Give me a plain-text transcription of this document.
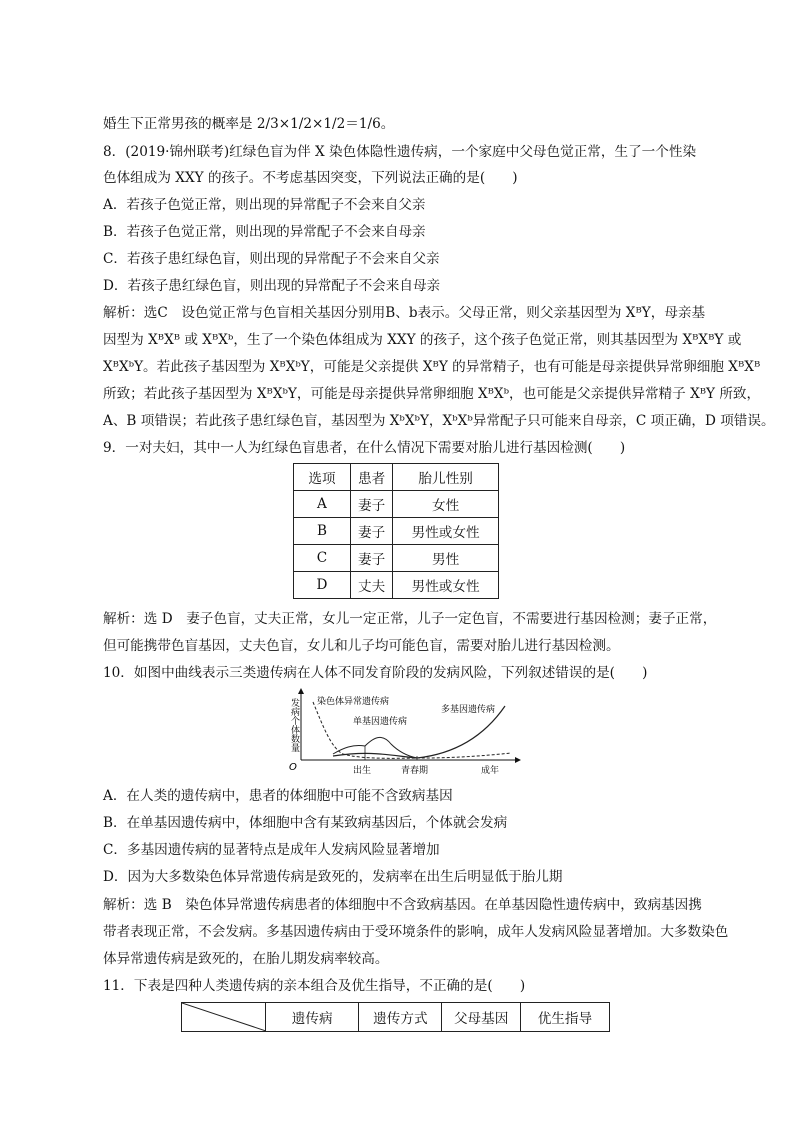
婚生下正常男孩的概率是 2/3×1/2×1/2＝1/6。
8．(2019·锦州联考)红绿色盲为伴 X 染色体隐性遗传病，一个家庭中父母色觉正常，生了一个性染
色体组成为 XXY 的孩子。不考虑基因突变，下列说法正确的是(　　)
A．若孩子色觉正常，则出现的异常配子不会来自父亲
B．若孩子色觉正常，则出现的异常配子不会来自母亲
C．若孩子患红绿色盲，则出现的异常配子不会来自父亲
D．若孩子患红绿色盲，则出现的异常配子不会来自母亲
解析：选C　设色觉正常与色盲相关基因分别用B、b表示。父母正常，则父亲基因型为 XᴮY，母亲基
因型为 XᴮXᴮ 或 XᴮXᵇ，生了一个染色体组成为 XXY 的孩子，这个孩子色觉正常，则其基因型为 XᴮXᴮY 或
XᴮXᵇY。若此孩子基因型为 XᴮXᵇY，可能是父亲提供 XᴮY 的异常精子，也有可能是母亲提供异常卵细胞 XᴮXᴮ
所致；若此孩子基因型为 XᴮXᵇY，可能是母亲提供异常卵细胞 XᴮXᵇ，也可能是父亲提供异常精子 XᴮY 所致，
A、B 项错误；若此孩子患红绿色盲，基因型为 XᵇXᵇY，XᵇXᵇ异常配子只可能来自母亲，C 项正确，D 项错误。
9．一对夫妇，其中一人为红绿色盲患者，在什么情况下需要对胎儿进行基因检测(　　)
选项	患者	胎儿性别
A	妻子	女性
B	妻子	男性或女性
C	妻子	男性
D	丈夫	男性或女性
解析：选 D　妻子色盲，丈夫正常，女儿一定正常，儿子一定色盲，不需要进行基因检测；妻子正常，
但可能携带色盲基因，丈夫色盲，女儿和儿子均可能色盲，需要对胎儿进行基因检测。
10．如图中曲线表示三类遗传病在人体不同发育阶段的发病风险，下列叙述错误的是(　　)
O
发病个体数量 染色体异常遗传病
单基因遗传病
多基因遗传病
出生	青春期	成年
A．在人类的遗传病中，患者的体细胞中可能不含致病基因
B．在单基因遗传病中，体细胞中含有某致病基因后，个体就会发病
C．多基因遗传病的显著特点是成年人发病风险显著增加
D．因为大多数染色体异常遗传病是致死的，发病率在出生后明显低于胎儿期
解析：选 B　染色体异常遗传病患者的体细胞中不含致病基因。在单基因隐性遗传病中，致病基因携
带者表现正常，不会发病。多基因遗传病由于受环境条件的影响，成年人发病风险显著增加。大多数染色
体异常遗传病是致死的，在胎儿期发病率较高。
11．下表是四种人类遗传病的亲本组合及优生指导，不正确的是(　　)
	遗传病	遗传方式	父母基因	优生指导
